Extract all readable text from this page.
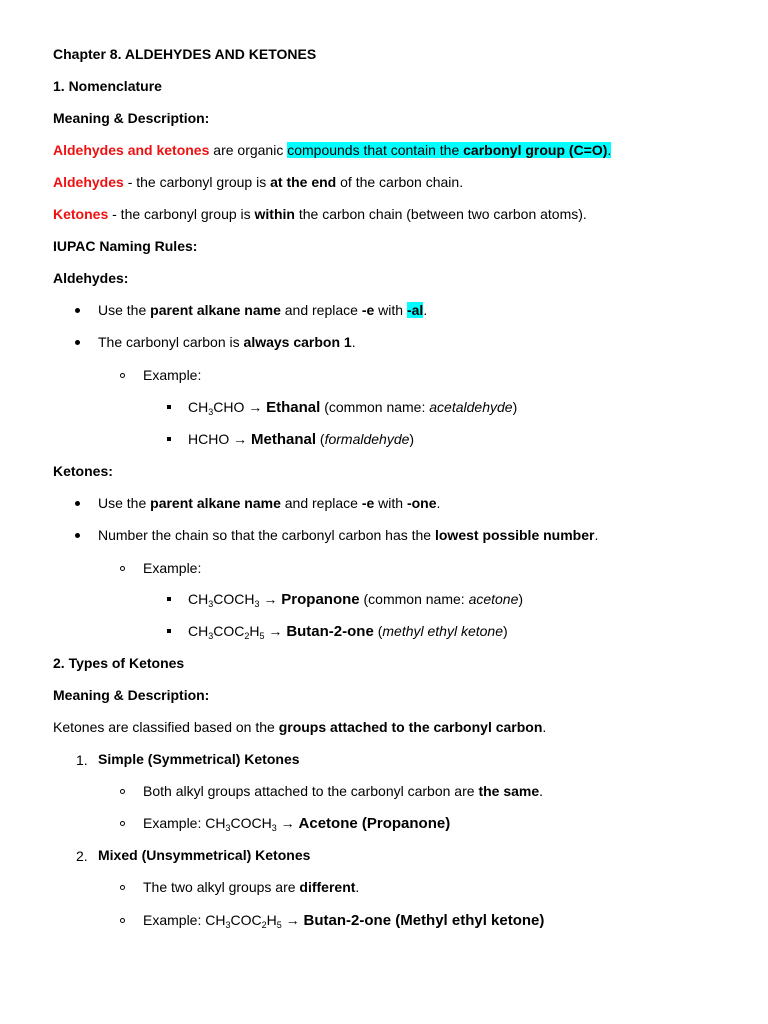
Chapter 8. ALDEHYDES AND KETONES
1. Nomenclature
Meaning & Description:
Aldehydes and ketones are organic compounds that contain the carbonyl group (C=O).
Aldehydes - the carbonyl group is at the end of the carbon chain.
Ketones - the carbonyl group is within the carbon chain (between two carbon atoms).
IUPAC Naming Rules:
Aldehydes:
Use the parent alkane name and replace -e with -al.
The carbonyl carbon is always carbon 1.
Example:
$CH_3CHO$ → Ethanal (common name: acetaldehyde)
HCHO → Methanal (formaldehyde)
Ketones:
Use the parent alkane name and replace -e with -one.
Number the chain so that the carbonyl carbon has the lowest possible number.
Example:
$CH_3COCH_3$ → Propanone (common name: acetone)
$CH_3COC_2H_5 \to Butan-2-one$ (methyl ethyl ketone)
2. Types of Ketones
Meaning & Description:
Ketones are classified based on the groups attached to the carbonyl carbon.
1. Simple (Symmetrical) Ketones
Both alkyl groups attached to the carbonyl carbon are the same.
Example: $CH_3COCH_3$ → Acetone (Propanone)
2. Mixed (Unsymmetrical) Ketones
The two alkyl groups are different.
Example: $CH_3COC_2H_5 \to Butan-2-one$ (Methyl ethyl ketone)
